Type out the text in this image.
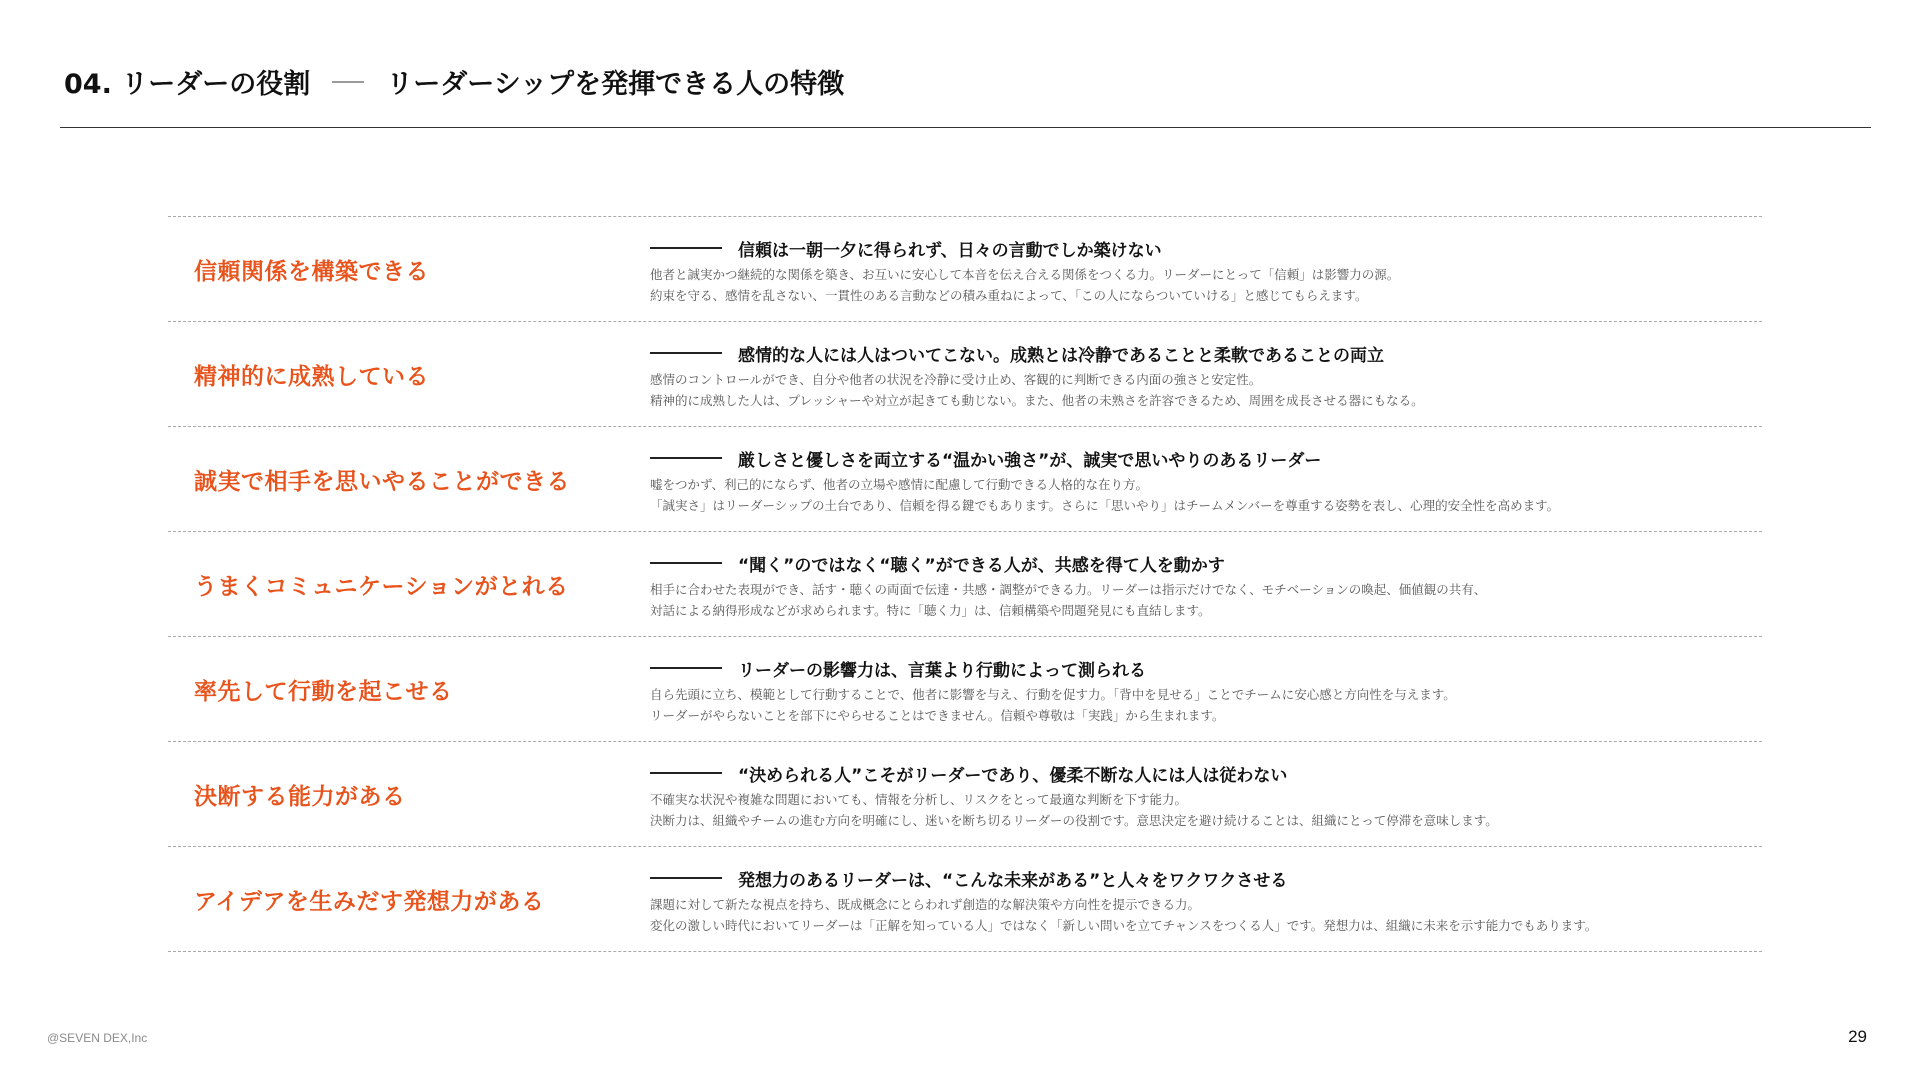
04. リーダーの役割	リーダーシップを発揮できる人の特徴
信頼関係を構築できる
信頼は一朝一夕に得られず、日々の言動でしか築けない
他者と誠実かつ継続的な関係を築き、お互いに安心して本音を伝え合える関係をつくる力。リーダーにとって「信頼」は影響力の源。
約束を守る、感情を乱さない、一貫性のある言動などの積み重ねによって、「この人にならついていける」と感じてもらえます。
精神的に成熟している
感情的な人には人はついてこない。成熟とは冷静であることと柔軟であることの両立
感情のコントロールができ、自分や他者の状況を冷静に受け止め、客観的に判断できる内面の強さと安定性。
精神的に成熟した人は、プレッシャーや対立が起きても動じない。また、他者の未熟さを許容できるため、周囲を成長させる器にもなる。
誠実で相手を思いやることができる
厳しさと優しさを両立する“温かい強さ”が、誠実で思いやりのあるリーダー
嘘をつかず、利己的にならず、他者の立場や感情に配慮して行動できる人格的な在り方。
「誠実さ」はリーダーシップの土台であり、信頼を得る鍵でもあります。さらに「思いやり」はチームメンバーを尊重する姿勢を表し、心理的安全性を高めます。
うまくコミュニケーションがとれる
“聞く”のではなく“聴く”ができる人が、共感を得て人を動かす
相手に合わせた表現ができ、話す・聴くの両面で伝達・共感・調整ができる力。リーダーは指示だけでなく、モチベーションの喚起、価値観の共有、
対話による納得形成などが求められます。特に「聴く力」は、信頼構築や問題発見にも直結します。
率先して行動を起こせる
リーダーの影響力は、言葉より行動によって測られる
自ら先頭に立ち、模範として行動することで、他者に影響を与え、行動を促す力。「背中を見せる」ことでチームに安心感と方向性を与えます。
リーダーがやらないことを部下にやらせることはできません。信頼や尊敬は「実践」から生まれます。
決断する能力がある
“決められる人”こそがリーダーであり、優柔不断な人には人は従わない
不確実な状況や複雑な問題においても、情報を分析し、リスクをとって最適な判断を下す能力。
決断力は、組織やチームの進む方向を明確にし、迷いを断ち切るリーダーの役割です。意思決定を避け続けることは、組織にとって停滞を意味します。
アイデアを生みだす発想力がある
発想力のあるリーダーは、“こんな未来がある”と人々をワクワクさせる
課題に対して新たな視点を持ち、既成概念にとらわれず創造的な解決策や方向性を提示できる力。
変化の激しい時代においてリーダーは「正解を知っている人」ではなく「新しい問いを立てチャンスをつくる人」です。発想力は、組織に未来を示す能力でもあります。
@SEVEN DEX,Inc	29
